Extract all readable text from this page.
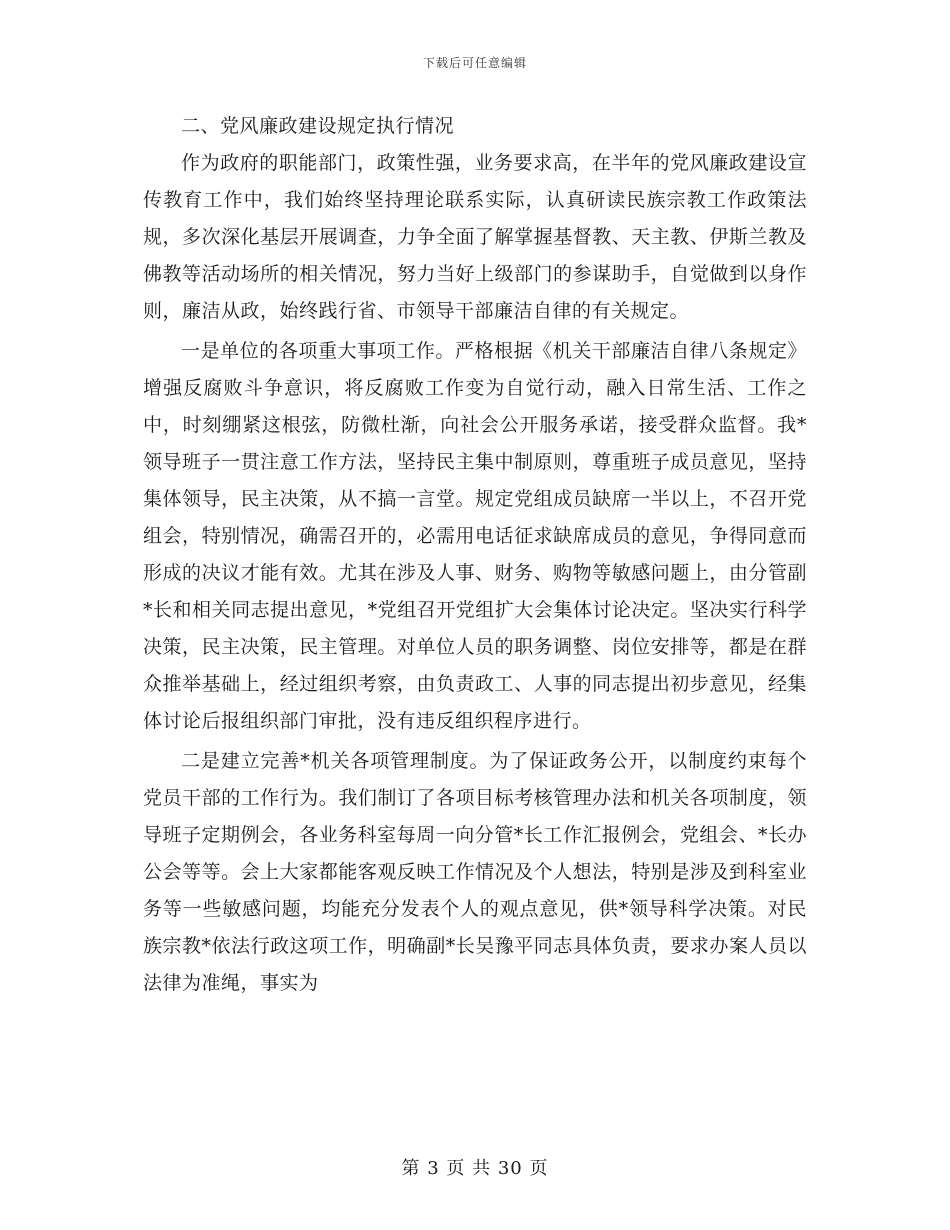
下载后可任意编辑
二、党风廉政建设规定执行情况

作为政府的职能部门，政策性强，业务要求高，在半年的党风廉政建设宣传教育工作中，我们始终坚持理论联系实际，认真研读民族宗教工作政策法规，多次深化基层开展调查，力争全面了解掌握基督教、天主教、伊斯兰教及佛教等活动场所的相关情况，努力当好上级部门的参谋助手，自觉做到以身作则，廉洁从政，始终践行省、市领导干部廉洁自律的有关规定。

一是单位的各项重大事项工作。严格根据《机关干部廉洁自律八条规定》增强反腐败斗争意识，将反腐败工作变为自觉行动，融入日常生活、工作之中，时刻绷紧这根弦，防微杜渐，向社会公开服务承诺，接受群众监督。我*领导班子一贯注意工作方法，坚持民主集中制原则，尊重班子成员意见，坚持集体领导，民主决策，从不搞一言堂。规定党组成员缺席一半以上，不召开党组会，特别情况，确需召开的，必需用电话征求缺席成员的意见，争得同意而形成的决议才能有效。尤其在涉及人事、财务、购物等敏感问题上，由分管副*长和相关同志提出意见，*党组召开党组扩大会集体讨论决定。坚决实行科学决策，民主决策，民主管理。对单位人员的职务调整、岗位安排等，都是在群众推举基础上，经过组织考察，由负责政工、人事的同志提出初步意见，经集体讨论后报组织部门审批，没有违反组织程序进行。

二是建立完善*机关各项管理制度。为了保证政务公开，以制度约束每个党员干部的工作行为。我们制订了各项目标考核管理办法和机关各项制度，领导班子定期例会，各业务科室每周一向分管*长工作汇报例会，党组会、*长办公会等等。会上大家都能客观反映工作情况及个人想法，特别是涉及到科室业务等一些敏感问题，均能充分发表个人的观点意见，供*领导科学决策。对民族宗教*依法行政这项工作，明确副*长吴豫平同志具体负责，要求办案人员以法律为准绳，事实为

第 3 页 共 30 页
